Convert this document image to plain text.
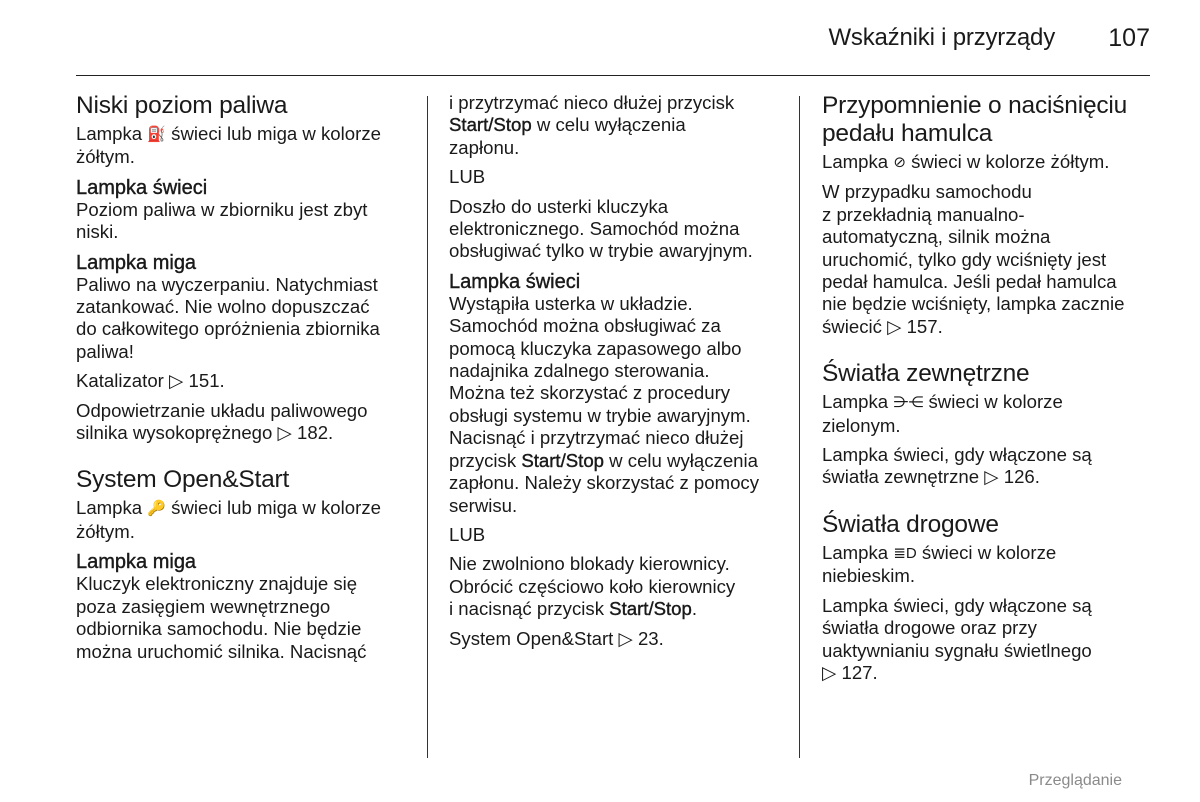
Wskaźniki i przyrządy 107
Niski poziom paliwa

Lampka ⛽ świeci lub miga w kolorze
żółtym.

Lampka świeci

Poziom paliwa w zbiorniku jest zbyt
niski.

Lampka miga

Paliwo na wyczerpaniu. Natychmiast
zatankować. Nie wolno dopuszczać
do całkowitego opróżnienia zbiornika
paliwa!

Katalizator ▷ 151.

Odpowietrzanie układu paliwowego
silnika wysokoprężnego ▷ 182.

System Open&Start

Lampka 🔑 świeci lub miga w kolorze
żółtym.

Lampka miga

Kluczyk elektroniczny znajduje się
poza zasięgiem wewnętrznego
odbiornika samochodu. Nie będzie
można uruchomić silnika. Nacisnąć

i przytrzymać nieco dłużej przycisk
Start/Stop w celu wyłączenia
zapłonu.

LUB

Doszło do usterki kluczyka
elektronicznego. Samochód można
obsługiwać tylko w trybie awaryjnym.

Lampka świeci

Wystąpiła usterka w układzie.
Samochód można obsługiwać za
pomocą kluczyka zapasowego albo
nadajnika zdalnego sterowania.
Można też skorzystać z procedury
obsługi systemu w trybie awaryjnym.
Nacisnąć i przytrzymać nieco dłużej
przycisk Start/Stop w celu wyłączenia
zapłonu. Należy skorzystać z pomocy
serwisu.

LUB

Nie zwolniono blokady kierownicy.
Obrócić częściowo koło kierownicy
i nacisnąć przycisk Start/Stop.

System Open&Start ▷ 23.

Przypomnienie o naciśnięciu
pedału hamulca

Lampka ⊘ świeci w kolorze żółtym.

W przypadku samochodu
z przekładnią manualno-
automatyczną, silnik można
uruchomić, tylko gdy wciśnięty jest
pedał hamulca. Jeśli pedał hamulca
nie będzie wciśnięty, lampka zacznie
świecić ▷ 157.

Światła zewnętrzne

Lampka ⋺⋲ świeci w kolorze
zielonym.

Lampka świeci, gdy włączone są
światła zewnętrzne ▷ 126.

Światła drogowe

Lampka ≣D świeci w kolorze
niebieskim.

Lampka świeci, gdy włączone są
światła drogowe oraz przy
uaktywnianiu sygnału świetlnego
▷ 127.

Przeglądanie
